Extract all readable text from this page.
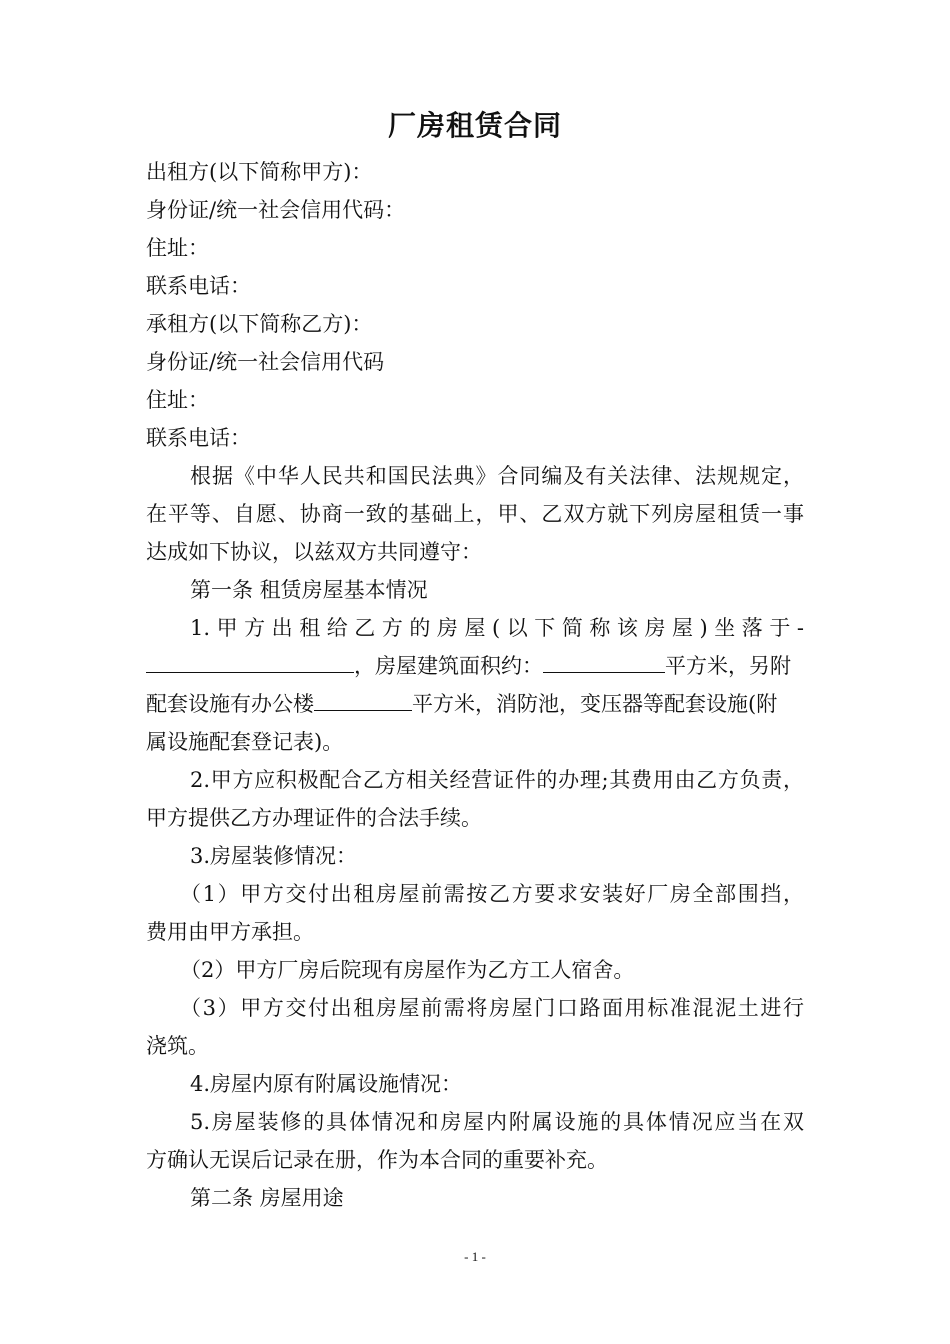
厂房租赁合同
出租方(以下简称甲方)：
身份证/统一社会信用代码：
住址：
联系电话：
承租方(以下简称乙方)：
身份证/统一社会信用代码
住址：
联系电话：
根据《中华人民共和国民法典》合同编及有关法律、法规规定，
在平等、自愿、协商一致的基础上，甲、乙双方就下列房屋租赁一事
达成如下协议，以兹双方共同遵守：
第一条 租赁房屋基本情况
1.甲方出租给乙方的房屋(以下简称该房屋)坐落于-
，房屋建筑面积约：	平方米，另附
配套设施有办公楼	平方米，消防池，变压器等配套设施(附
属设施配套登记表)。
2.甲方应积极配合乙方相关经营证件的办理;其费用由乙方负责，
甲方提供乙方办理证件的合法手续。
3.房屋装修情况：
（1）甲方交付出租房屋前需按乙方要求安装好厂房全部围挡，
费用由甲方承担。
（2）甲方厂房后院现有房屋作为乙方工人宿舍。
（3）甲方交付出租房屋前需将房屋门口路面用标准混泥土进行
浇筑。
4.房屋内原有附属设施情况：
5.房屋装修的具体情况和房屋内附属设施的具体情况应当在双
方确认无误后记录在册，作为本合同的重要补充。
第二条 房屋用途
- 1 -
